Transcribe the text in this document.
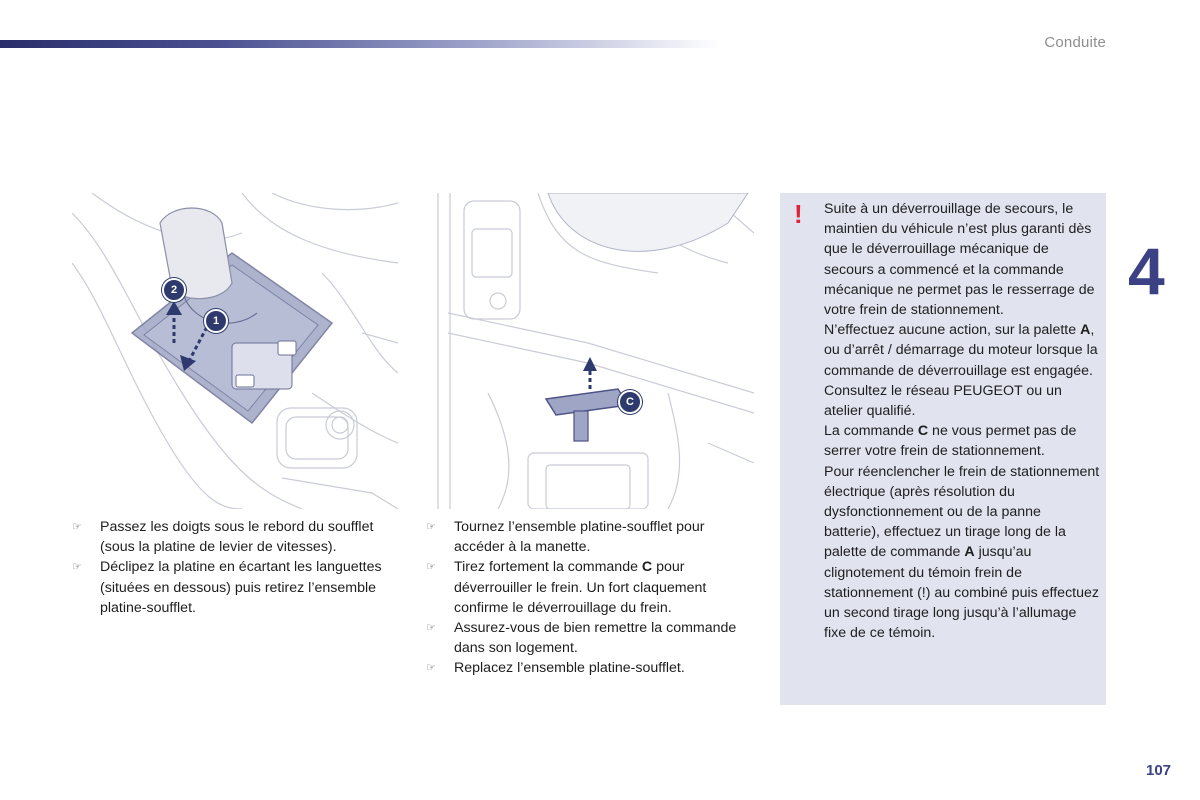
Conduite
4
2
1
C
☞ Passez les doigts sous le rebord du soufflet (sous la platine de levier de vitesses).
☞ Déclipez la platine en écartant les languettes (situées en dessous) puis retirez l’ensemble platine-soufflet.
☞ Tournez l’ensemble platine-soufflet pour accéder à la manette.
☞ Tirez fortement la commande C pour déverrouiller le frein. Un fort claquement confirme le déverrouillage du frein.
☞ Assurez-vous de bien remettre la commande dans son logement.
☞ Replacez l’ensemble platine-soufflet.
! Suite à un déverrouillage de secours, le maintien du véhicule n’est plus garanti dès que le déverrouillage mécanique de secours a commencé et la commande mécanique ne permet pas le resserrage de votre frein de stationnement.

N’effectuez aucune action, sur la palette A, ou d’arrêt / démarrage du moteur lorsque la commande de déverrouillage est engagée.

Consultez le réseau PEUGEOT ou un atelier qualifié.

La commande C ne vous permet pas de serrer votre frein de stationnement.

Pour réenclencher le frein de stationnement électrique (après résolution du dysfonctionnement ou de la panne batterie), effectuez un tirage long de la palette de commande A jusqu’au clignotement du témoin frein de stationnement (!) au combiné puis effectuez un second tirage long jusqu’à l’allumage fixe de ce témoin.

107
